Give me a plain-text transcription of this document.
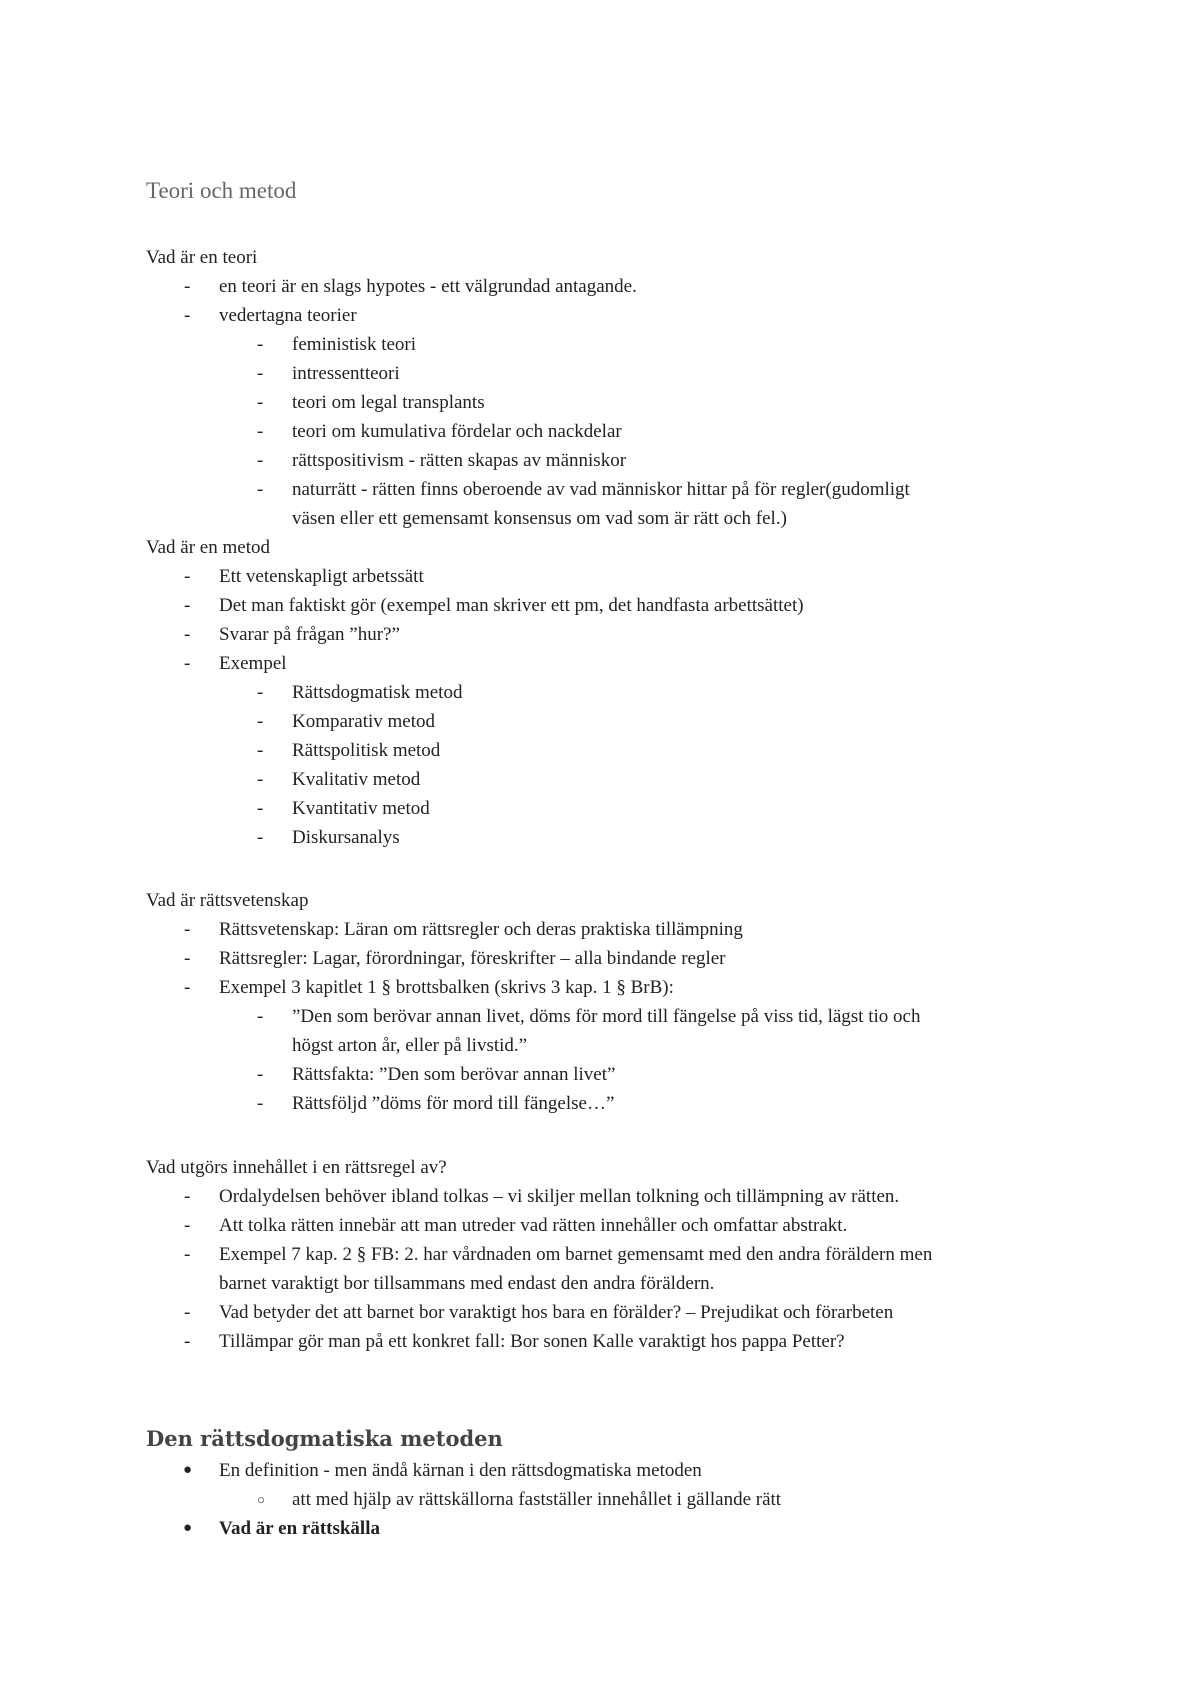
Teori och metod
Vad är en teori
- en teori är en slags hypotes - ett välgrundad antagande.
- vedertagna teorier
- feministisk teori
- intressentteori
- teori om legal transplants
- teori om kumulativa fördelar och nackdelar
- rättspositivism - rätten skapas av människor
- naturrätt - rätten finns oberoende av vad människor hittar på för regler(gudomligt
väsen eller ett gemensamt konsensus om vad som är rätt och fel.)
Vad är en metod
- Ett vetenskapligt arbetssätt
- Det man faktiskt gör (exempel man skriver ett pm, det handfasta arbettsättet)
- Svarar på frågan ”hur?”
- Exempel
- Rättsdogmatisk metod
- Komparativ metod
- Rättspolitisk metod
- Kvalitativ metod
- Kvantitativ metod
- Diskursanalys
Vad är rättsvetenskap
- Rättsvetenskap: Läran om rättsregler och deras praktiska tillämpning
- Rättsregler: Lagar, förordningar, föreskrifter – alla bindande regler
- Exempel 3 kapitlet 1 § brottsbalken (skrivs 3 kap. 1 § BrB):
- ”Den som berövar annan livet, döms för mord till fängelse på viss tid, lägst tio och
högst arton år, eller på livstid.”
- Rättsfakta: ”Den som berövar annan livet”
- Rättsföljd ”döms för mord till fängelse…”
Vad utgörs innehållet i en rättsregel av?
- Ordalydelsen behöver ibland tolkas – vi skiljer mellan tolkning och tillämpning av rätten.
- Att tolka rätten innebär att man utreder vad rätten innehåller och omfattar abstrakt.
- Exempel 7 kap. 2 § FB: 2. har vårdnaden om barnet gemensamt med den andra föräldern men
barnet varaktigt bor tillsammans med endast den andra föräldern.
- Vad betyder det att barnet bor varaktigt hos bara en förälder? – Prejudikat och förarbeten
- Tillämpar gör man på ett konkret fall: Bor sonen Kalle varaktigt hos pappa Petter?
Den rättsdogmatiska metoden
● En definition - men ändå kärnan i den rättsdogmatiska metoden
○ att med hjälp av rättskällorna fastställer innehållet i gällande rätt
● Vad är en rättskälla
